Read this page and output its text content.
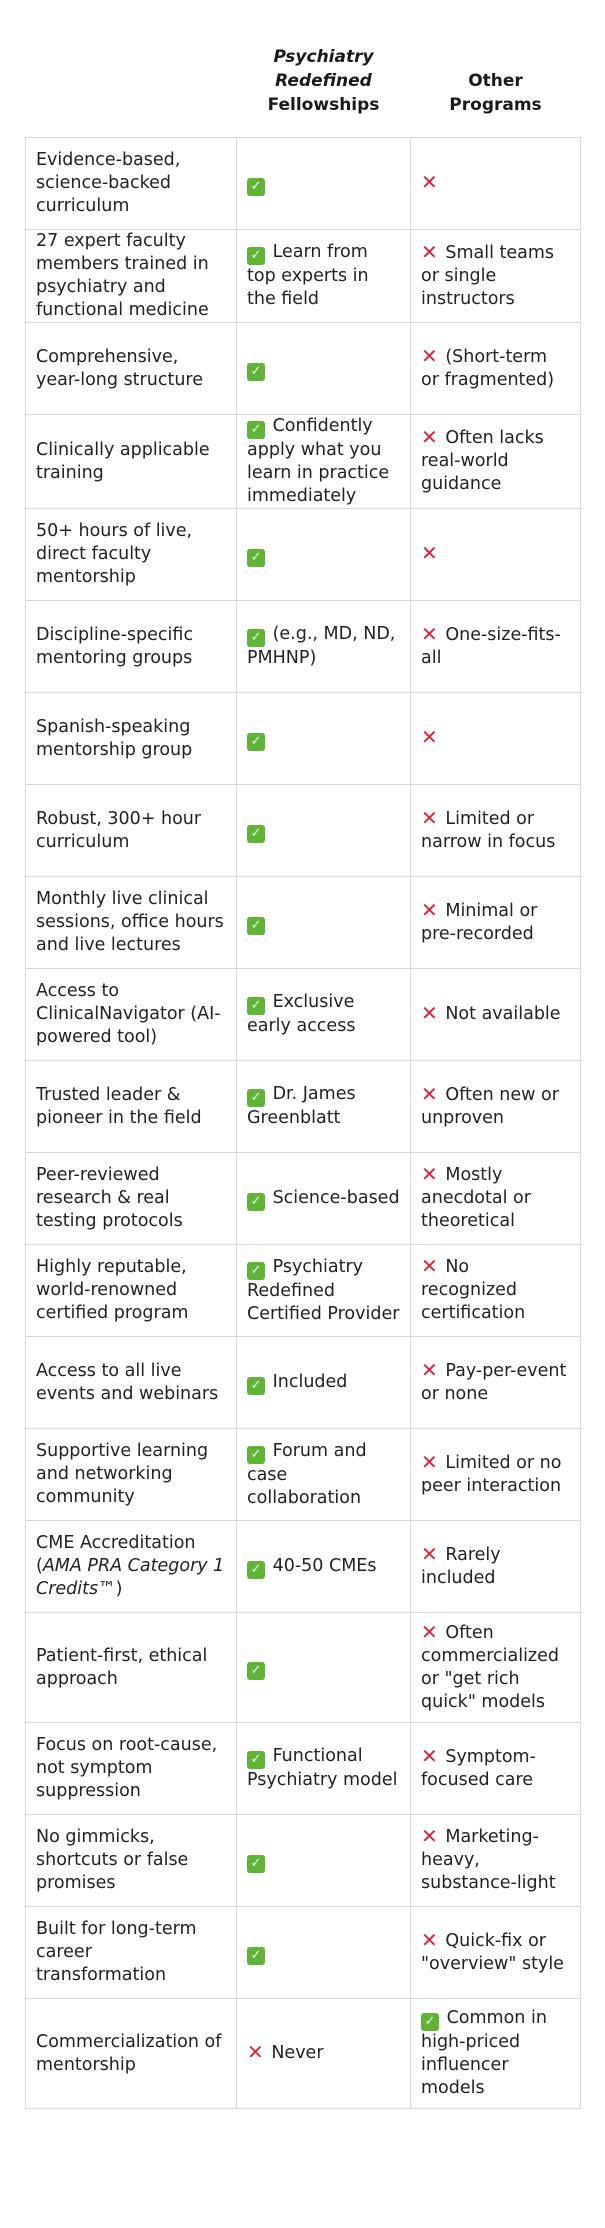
	Psychiatry
Redefined
Fellowships	Other Programs

Evidence-based, science-backed curriculum	✓	✕
27 expert faculty members trained in psychiatry and functional medicine	✓ Learn from top experts in the field	✕ Small teams or single instructors
Comprehensive, year-long structure	✓	✕ (Short-term or fragmented)
Clinically applicable training	✓ Confidently apply what you learn in practice immediately	✕ Often lacks real-world guidance
50+ hours of live, direct faculty mentorship	✓	✕
Discipline-specific mentoring groups	✓ (e.g., MD, ND, PMHNP)	✕ One-size-fits-all
Spanish-speaking mentorship group	✓	✕
Robust, 300+ hour curriculum	✓	✕ Limited or narrow in focus
Monthly live clinical sessions, office hours and live lectures	✓	✕ Minimal or pre-recorded
Access to ClinicalNavigator (AI-powered tool)	✓ Exclusive early access	✕ Not available
Trusted leader & pioneer in the field	✓ Dr. James Greenblatt	✕ Often new or unproven
Peer-reviewed research & real testing protocols	✓ Science-based	✕ Mostly anecdotal or theoretical
Highly reputable, world-renowned certified program	✓ Psychiatry Redefined Certified Provider	✕ No recognized certification
Access to all live events and webinars	✓ Included	✕ Pay-per-event or none
Supportive learning and networking community	✓ Forum and case collaboration	✕ Limited or no peer interaction
CME Accreditation (AMA PRA Category 1 Credits™)	✓ 40-50 CMEs	✕ Rarely included
Patient-first, ethical approach	✓	✕ Often commercialized or "get rich quick" models
Focus on root-cause, not symptom suppression	✓ Functional Psychiatry model	✕ Symptom-focused care
No gimmicks, shortcuts or false promises	✓	✕ Marketing-heavy, substance-light
Built for long-term career transformation	✓	✕ Quick-fix or "overview" style
Commercialization of mentorship	✕ Never	✓ Common in high-priced influencer models
